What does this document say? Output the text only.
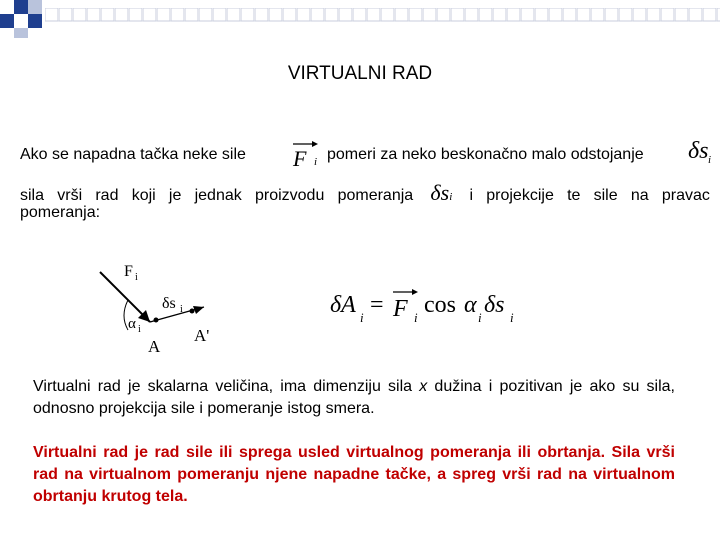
VIRTUALNI RAD
Ako se napadna tačka neke sile F i pomeri za neko beskonačno malo odstojanje δs i
sila vrši rad koji je jednak proizvodu pomeranja δsi i projekcije te sile na pravac
pomeranja:
F i
δs i
α i
A
A'
δA i = F i cos α i δs i
Virtualni rad je skalarna veličina, ima dimenziju sila x dužina i pozitivan je ako su sila, odnosno projekcija sile i pomeranje istog smera.
Virtualni rad je rad sile ili sprega usled virtualnog pomeranja ili obrtanja. Sila vrši rad na virtualnom pomeranju njene napadne tačke, a spreg vrši rad na virtualnom obrtanju krutog tela.
